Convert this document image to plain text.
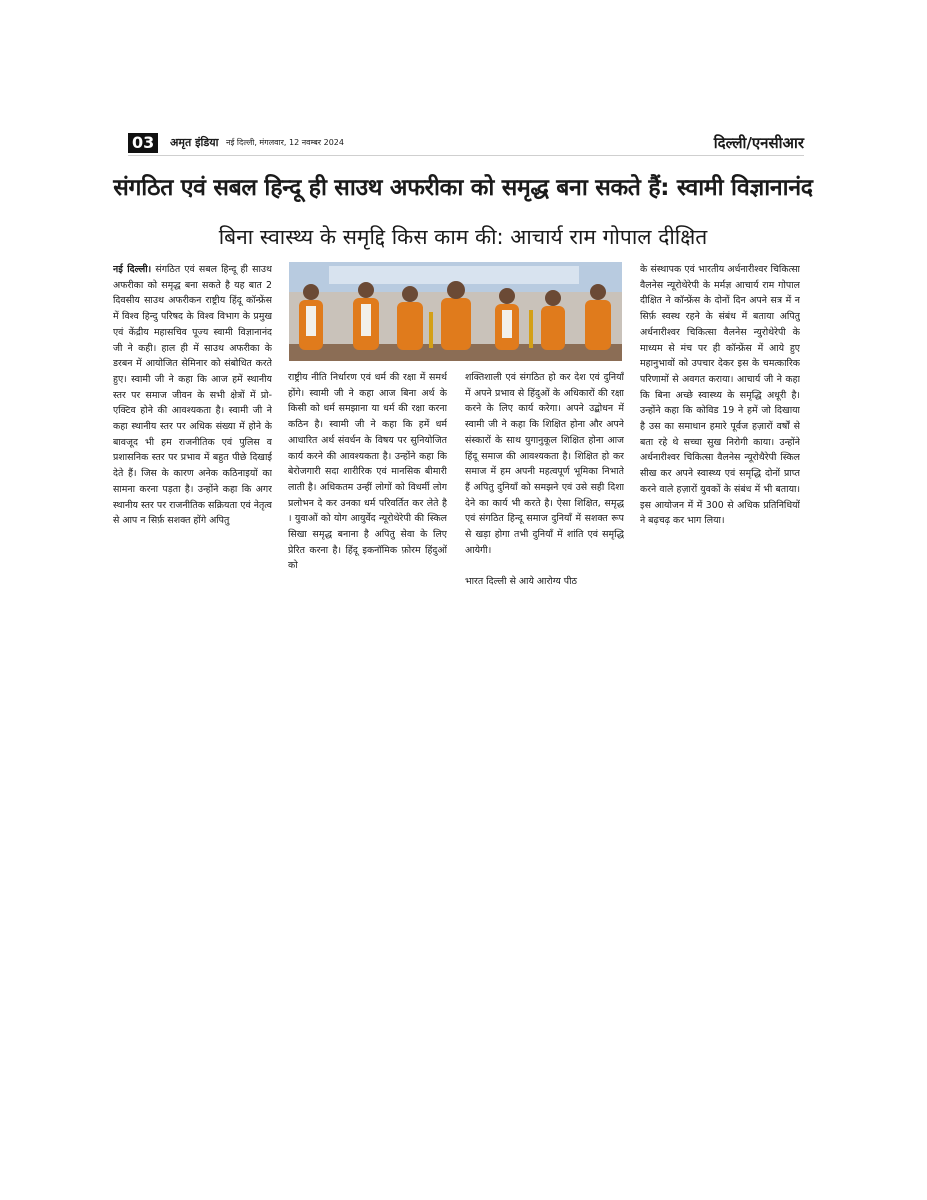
03	अमृत इंडिया नई दिल्ली, मंगलवार, 12 नवम्बर 2024	दिल्ली/एनसीआर
संगठित एवं सबल हिन्दू ही साउथ अफरीका को समृद्ध बना सकते हैं: स्वामी विज्ञानानंद
बिना स्वास्थ्य के समृद्दि किस काम की: आचार्य राम गोपाल दीक्षित
नई दिल्ली। संगठित एवं सबल हिन्दू ही साउथ अफरीका को समृद्ध बना सकते है यह बात 2 दिवसीय साउथ अफरीकन राष्ट्रीय हिंदू कॉन्फ्रेंस में विश्व हिन्दु परिषद के विश्व विभाग के प्रमुख एवं केंद्रीय महासचिव पूज्य स्वामी विज्ञानानंद जी ने कही। हाल ही में साउथ अफरीका के डरबन में आयोजित सेमिनार को संबोधित करते हुए। स्वामी जी ने कहा कि आज हमें स्थानीय स्तर पर समाज जीवन के सभी क्षेत्रों में प्रो-एक्टिव होने की आवश्यकता है। स्वामी जी ने कहा स्थानीय स्तर पर अधिक संख्या में होने के बावजूद भी हम राजनीतिक एवं पुलिस व प्रशासनिक स्तर पर प्रभाव में बहुत पीछे दिखाई देते हैं। जिस के कारण अनेक कठिनाइयों का सामना करना पड़ता है। उन्होंने कहा कि अगर स्थानीय स्तर पर राजनीतिक सक्रियता एवं नेतृत्व से आप न सिर्फ़ सशक्त होंगे अपितु
राष्ट्रीय नीति निर्धारण एवं धर्म की रक्षा में समर्थ होंगे। स्वामी जी ने कहा आज बिना अर्थ के किसी को धर्म समझाना या धर्म की रक्षा करना कठिन है। स्वामी जी ने कहा कि हमें धर्म आधारित अर्थ संवर्धन के विषय पर सुनियोजित कार्य करने की आवश्यकता है। उन्होंने कहा कि बेरोजगारी सदा शारीरिक एवं मानसिक बीमारी लाती है। अधिकतम उन्हीं लोगों को विधर्मी लोग प्रलोभन दे कर उनका धर्म परिवर्तित कर लेते है । युवाओं को योग आयुर्वेद न्यूरोथेरेपी की स्किल सिखा समृद्ध बनाना है अपितु सेवा के लिए प्रेरित करना है। हिंदू इकनॉमिक फ़ोरम हिंदुओं को
शक्तिशाली एवं संगठित हो कर देश एवं दुनियाँ में अपने प्रभाव से हिंदुओं के अधिकारों की रक्षा करने के लिए कार्य करेगा। अपने उद्बोधन में स्वामी जी ने कहा कि शिक्षित होना और अपने संस्कारों के साथ युगानुकूल शिक्षित होना आज हिंदू समाज की आवश्यकता है। शिक्षित हो कर समाज में हम अपनी महत्वपूर्ण भूमिका निभाते हैं अपितु दुनियाँ को समझने एवं उसे सही दिशा देने का कार्य भी करते है। ऐसा शिक्षित, समृद्ध एवं संगठित हिन्दू समाज दुनियाँ में सशक्त रूप से खड़ा होगा तभी दुनियाँ में शांति एवं समृद्धि आयेगी।

भारत दिल्ली से आये आरोग्य पीठ
के संस्थापक एवं भारतीय अर्धनारीश्वर चिकित्सा वैलनेस न्यूरोथेरेपी के मर्मज्ञ आचार्य राम गोपाल दीक्षित ने कॉन्फ्रेंस के दोनों दिन अपने सत्र में न सिर्फ़ स्वस्थ रहने के संबंध में बताया अपितु अर्धनारीश्वर चिकित्सा वैलनेस न्युरोथेरेपी के माध्यम से मंच पर ही कॉन्फ्रेंस में आये हुए महानुभावों को उपचार देकर इस के चमत्कारिक परिणामों से अवगत कराया। आचार्य जी ने कहा कि बिना अच्छे स्वास्थ्य के समृद्धि अधूरी है। उन्होंने कहा कि कोविड 19 ने हमें जो दिखाया है उस का समाधान हमारे पूर्वज हज़ारों वर्षों से बता रहे थे सच्चा सुख निरोगी काया। उन्होंने अर्धनारीश्वर चिकित्सा वैलनेस न्यूरोथैरेपी स्किल सीख कर अपने स्वास्थ्य एवं समृद्धि दोनों प्राप्त करने वाले हज़ारों युवकों के संबंध में भी बताया। इस आयोजन में में 300 से अधिक प्रतिनिधियों ने बढ़चढ़ कर भाग लिया।
